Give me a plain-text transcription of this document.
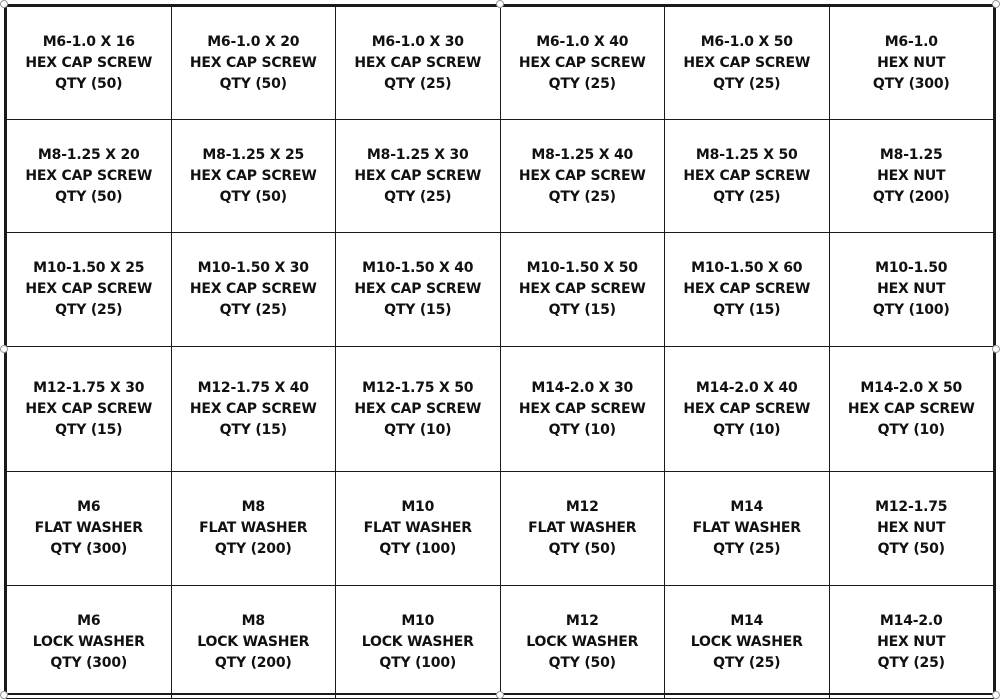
M6-1.0 X 16
HEX CAP SCREW
QTY (50)	M6-1.0 X 20
HEX CAP SCREW
QTY (50)	M6-1.0 X 30
HEX CAP SCREW
QTY (25)	M6-1.0 X 40
HEX CAP SCREW
QTY (25)	M6-1.0 X 50
HEX CAP SCREW
QTY (25)	M6-1.0
HEX NUT
QTY (300)

M8-1.25 X 20
HEX CAP SCREW
QTY (50)	M8-1.25 X 25
HEX CAP SCREW
QTY (50)	M8-1.25 X 30
HEX CAP SCREW
QTY (25)	M8-1.25 X 40
HEX CAP SCREW
QTY (25)	M8-1.25 X 50
HEX CAP SCREW
QTY (25)	M8-1.25
HEX NUT
QTY (200)

M10-1.50 X 25
HEX CAP SCREW
QTY (25)	M10-1.50 X 30
HEX CAP SCREW
QTY (25)	M10-1.50 X 40
HEX CAP SCREW
QTY (15)	M10-1.50 X 50
HEX CAP SCREW
QTY (15)	M10-1.50 X 60
HEX CAP SCREW
QTY (15)	M10-1.50
HEX NUT
QTY (100)

M12-1.75 X 30
HEX CAP SCREW
QTY (15)	M12-1.75 X 40
HEX CAP SCREW
QTY (15)	M12-1.75 X 50
HEX CAP SCREW
QTY (10)	M14-2.0 X 30
HEX CAP SCREW
QTY (10)	M14-2.0 X 40
HEX CAP SCREW
QTY (10)	M14-2.0 X 50
HEX CAP SCREW
QTY (10)

M6
FLAT WASHER
QTY (300)	M8
FLAT WASHER
QTY (200)	M10
FLAT WASHER
QTY (100)	M12
FLAT WASHER
QTY (50)	M14
FLAT WASHER
QTY (25)	M12-1.75
HEX NUT
QTY (50)

M6
LOCK WASHER
QTY (300)	M8
LOCK WASHER
QTY (200)	M10
LOCK WASHER
QTY (100)	M12
LOCK WASHER
QTY (50)	M14
LOCK WASHER
QTY (25)	M14-2.0
HEX NUT
QTY (25)
